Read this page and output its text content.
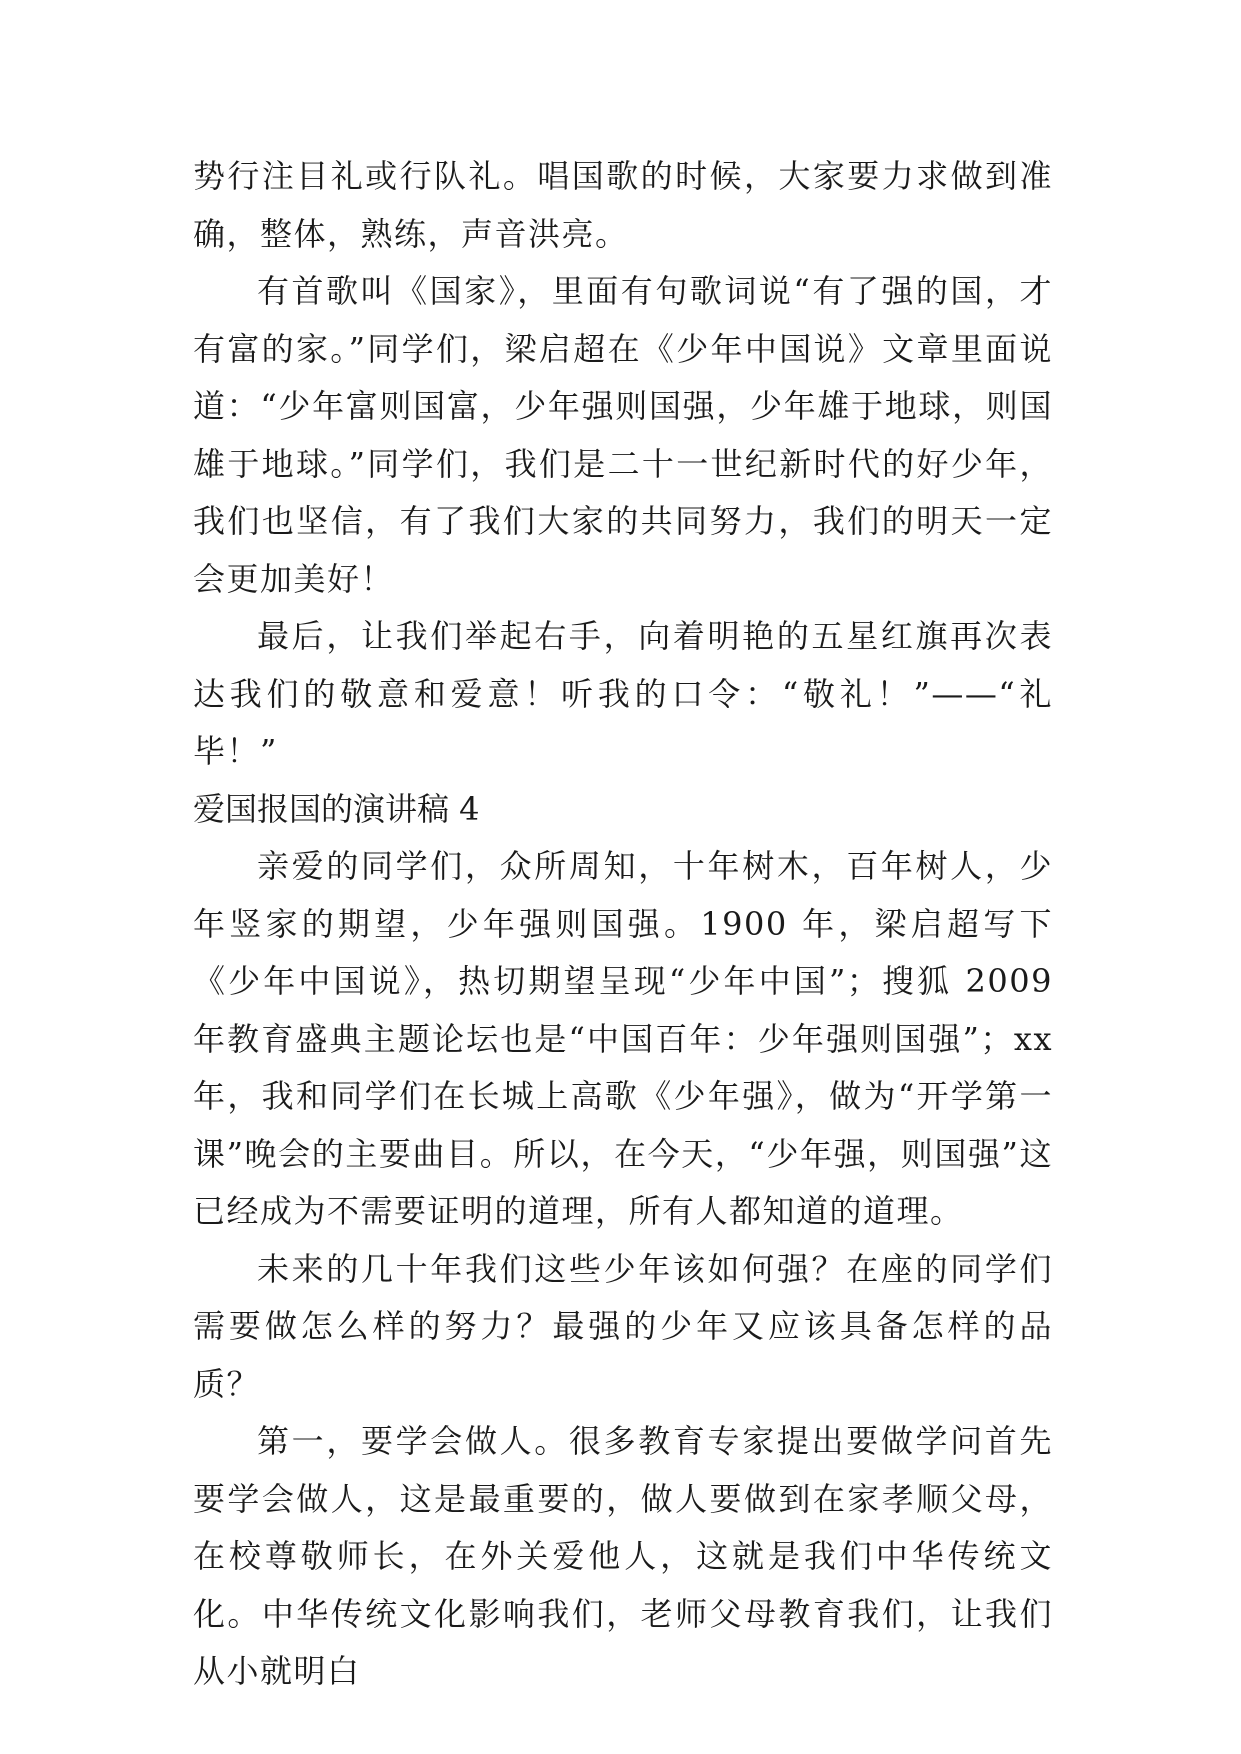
势行注目礼或行队礼。唱国歌的时候，大家要力求做到准确，整体，熟练，声音洪亮。

有首歌叫《国家》，里面有句歌词说“有了强的国，才有富的家。”同学们，梁启超在《少年中国说》文章里面说道：“少年富则国富，少年强则国强，少年雄于地球，则国雄于地球。”同学们，我们是二十一世纪新时代的好少年，我们也坚信，有了我们大家的共同努力，我们的明天一定会更加美好！

最后，让我们举起右手，向着明艳的五星红旗再次表达我们的敬意和爱意！听我的口令：“敬礼！”——“礼毕！”

爱国报国的演讲稿 4

亲爱的同学们，众所周知，十年树木，百年树人，少年竖家的期望，少年强则国强。1900 年，梁启超写下《少年中国说》，热切期望呈现“少年中国”；搜狐 2009 年教育盛典主题论坛也是“中国百年：少年强则国强”；xx 年，我和同学们在长城上高歌《少年强》，做为“开学第一课”晚会的主要曲目。所以，在今天，“少年强，则国强”这已经成为不需要证明的道理，所有人都知道的道理。

未来的几十年我们这些少年该如何强？在座的同学们需要做怎么样的努力？最强的少年又应该具备怎样的品质？

第一，要学会做人。很多教育专家提出要做学问首先要学会做人，这是最重要的，做人要做到在家孝顺父母，在校尊敬师长，在外关爱他人，这就是我们中华传统文化。中华传统文化影响我们，老师父母教育我们，让我们从小就明白
